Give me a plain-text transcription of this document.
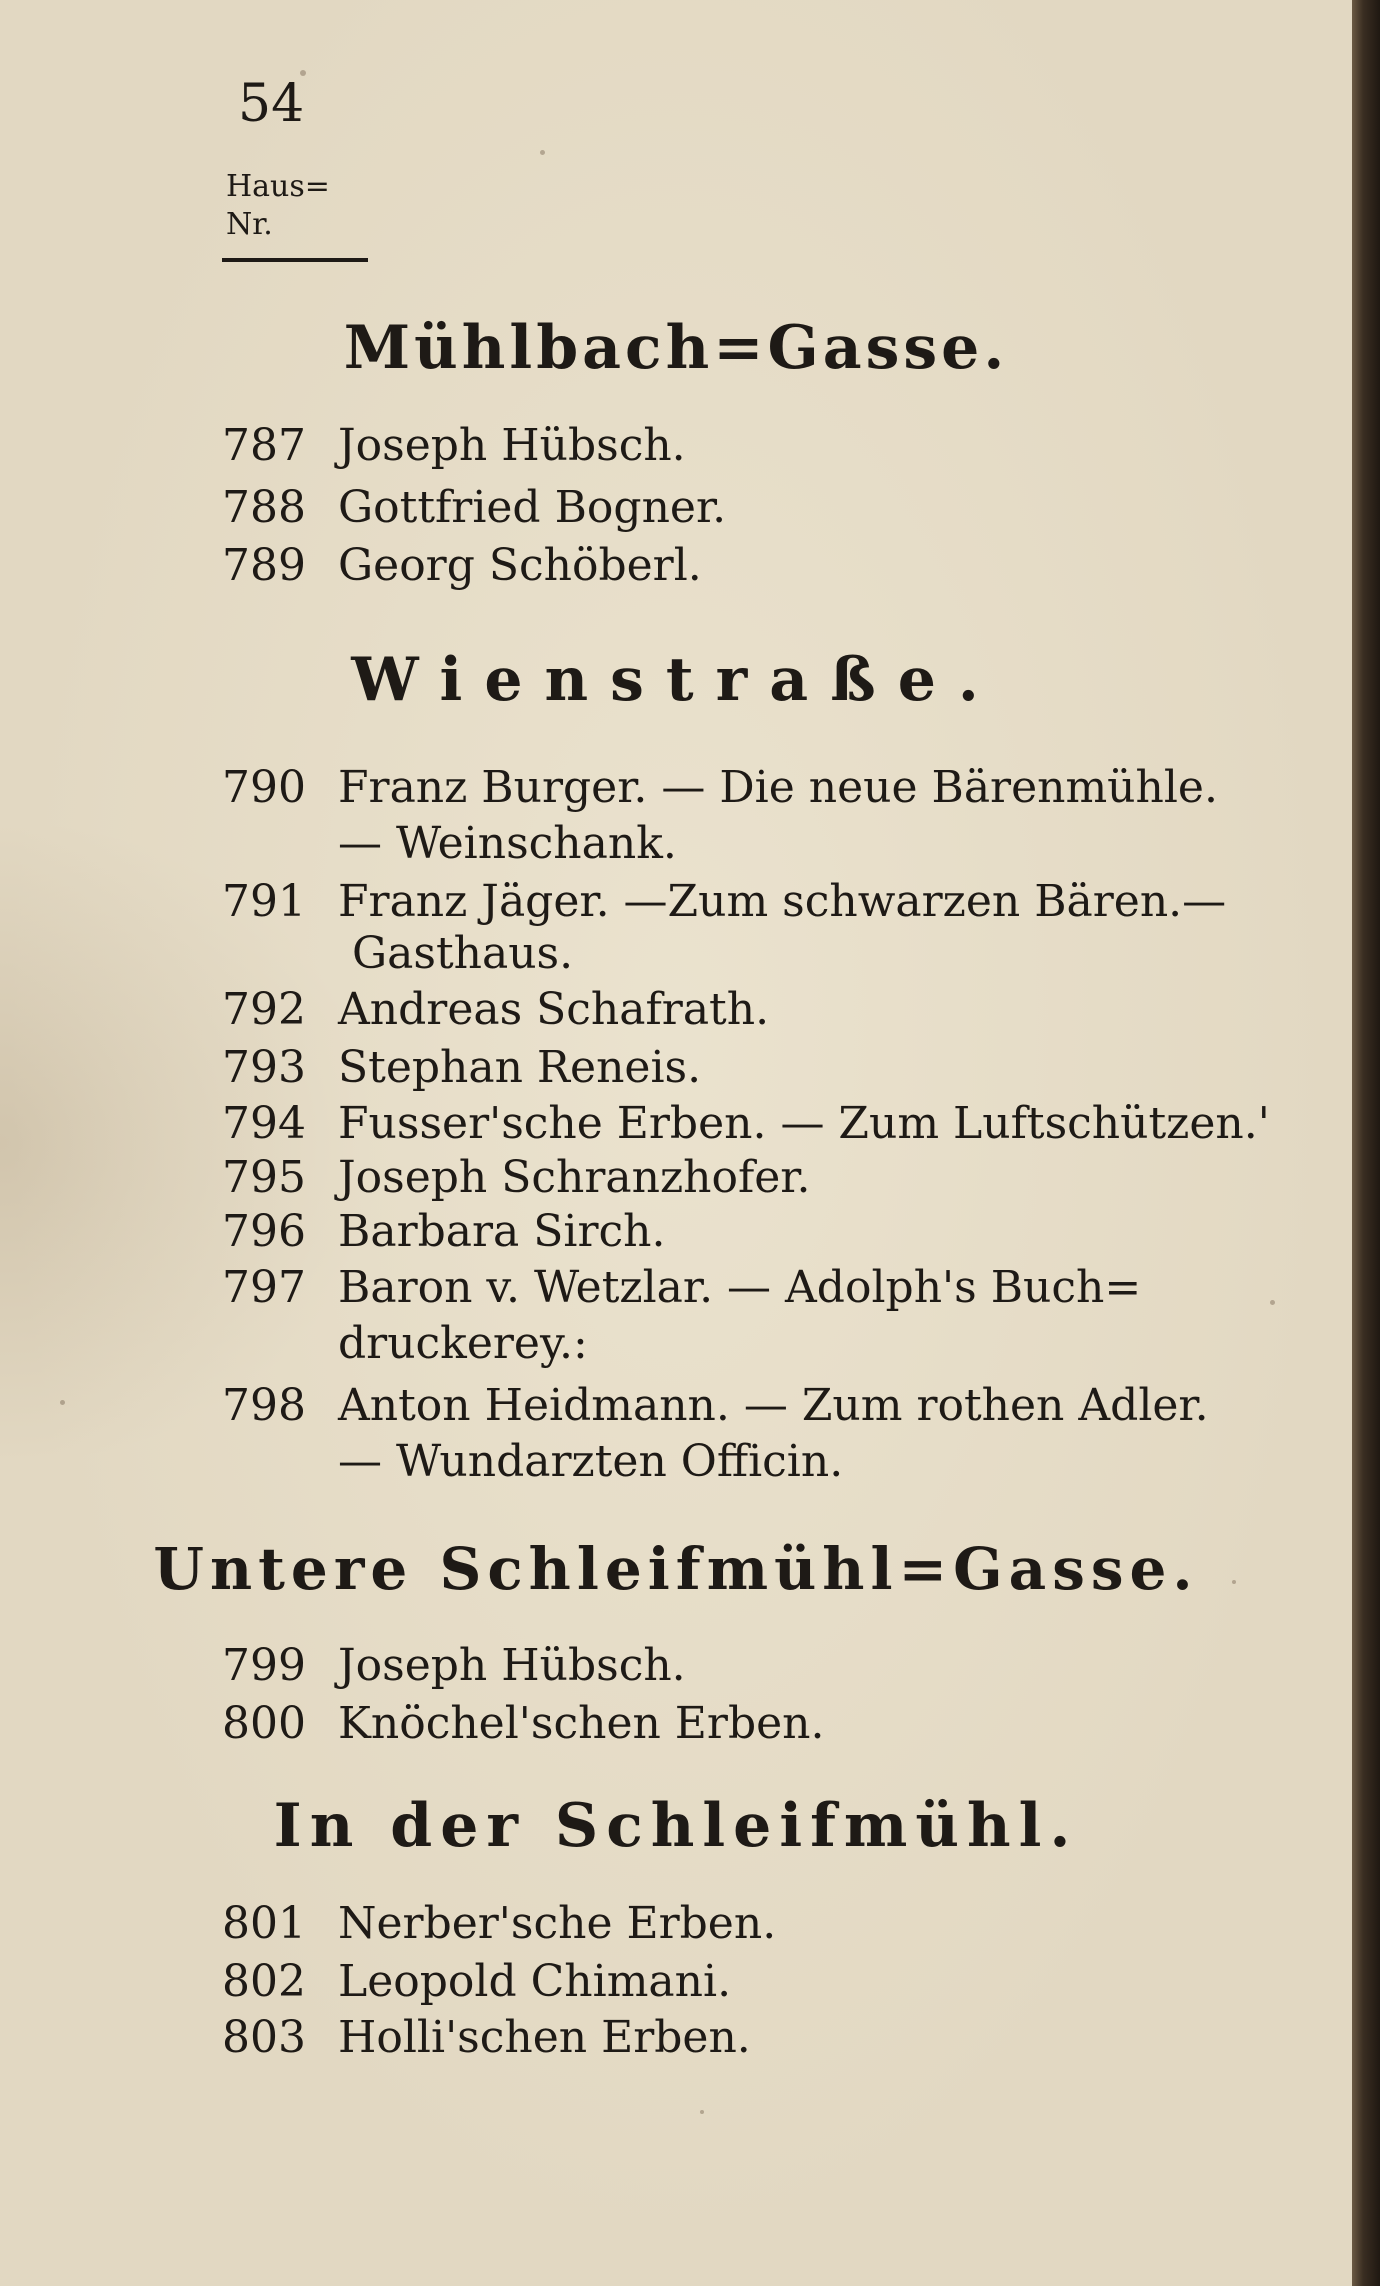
54
Haus=
Nr.
Mühlbach=Gasse.
787 Joseph Hübsch.
788 Gottfried Bogner.
789 Georg Schöberl.
Wienstraße.
790 Franz Burger. — Die neue Bärenmühle.
— Weinschank.
791 Franz Jäger. —Zum schwarzen Bären.—
Gasthaus.
792 Andreas Schafrath.
793 Stephan Reneis.
794 Fusser'sche Erben. — Zum Luftschützen.'
795 Joseph Schranzhofer.
796 Barbara Sirch.
797 Baron v. Wetzlar. — Adolph's Buch=
druckerey.:
798 Anton Heidmann. — Zum rothen Adler.
— Wundarzten Officin.
Untere Schleifmühl=Gasse.
799 Joseph Hübsch.
800 Knöchel'schen Erben.
In der Schleifmühl.
801 Nerber'sche Erben.
802 Leopold Chimani.
803 Holli'schen Erben.
